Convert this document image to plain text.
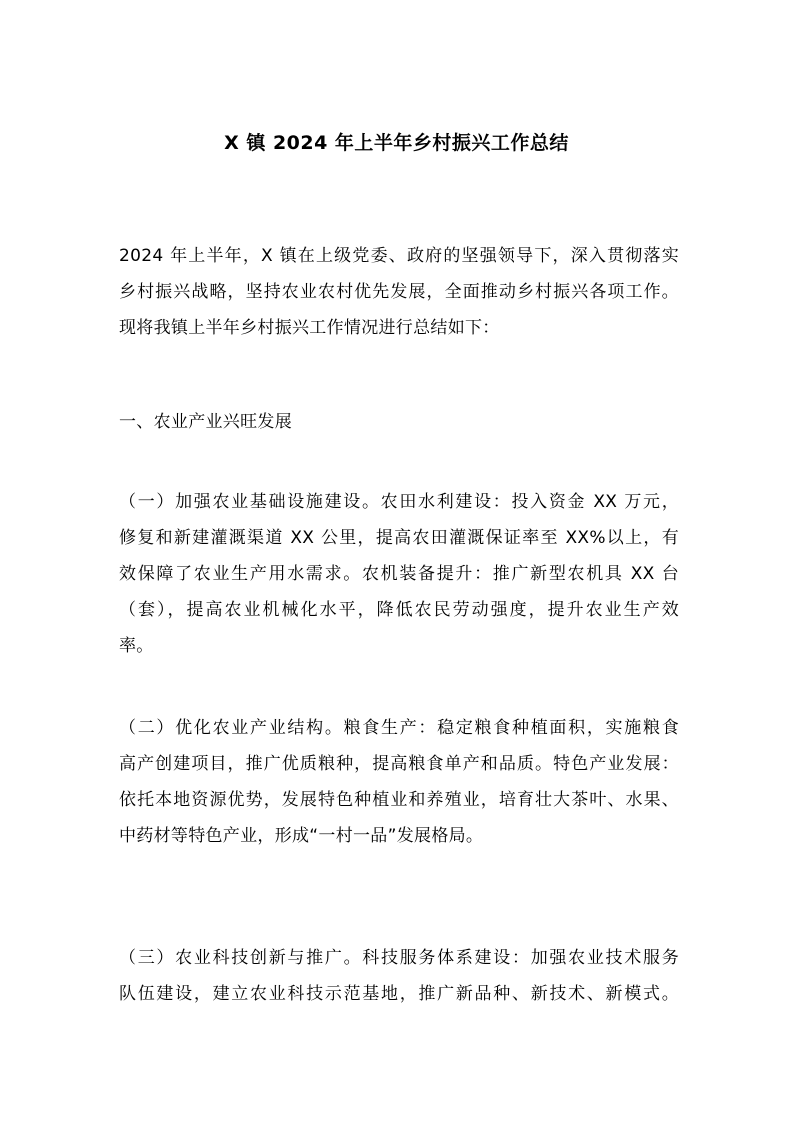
X 镇 2024 年上半年乡村振兴工作总结
2024 年上半年，X 镇在上级党委、政府的坚强领导下，深入贯彻落实
乡村振兴战略，坚持农业农村优先发展，全面推动乡村振兴各项工作。
现将我镇上半年乡村振兴工作情况进行总结如下：
一、农业产业兴旺发展
（一）加强农业基础设施建设。农田水利建设：投入资金 XX 万元，
修复和新建灌溉渠道 XX 公里，提高农田灌溉保证率至 XX%以上，有
效保障了农业生产用水需求。农机装备提升：推广新型农机具 XX 台
（套），提高农业机械化水平，降低农民劳动强度，提升农业生产效
率。
（二）优化农业产业结构。粮食生产：稳定粮食种植面积，实施粮食
高产创建项目，推广优质粮种，提高粮食单产和品质。特色产业发展：
依托本地资源优势，发展特色种植业和养殖业，培育壮大茶叶、水果、
中药材等特色产业，形成“一村一品”发展格局。
（三）农业科技创新与推广。科技服务体系建设：加强农业技术服务
队伍建设，建立农业科技示范基地，推广新品种、新技术、新模式。
